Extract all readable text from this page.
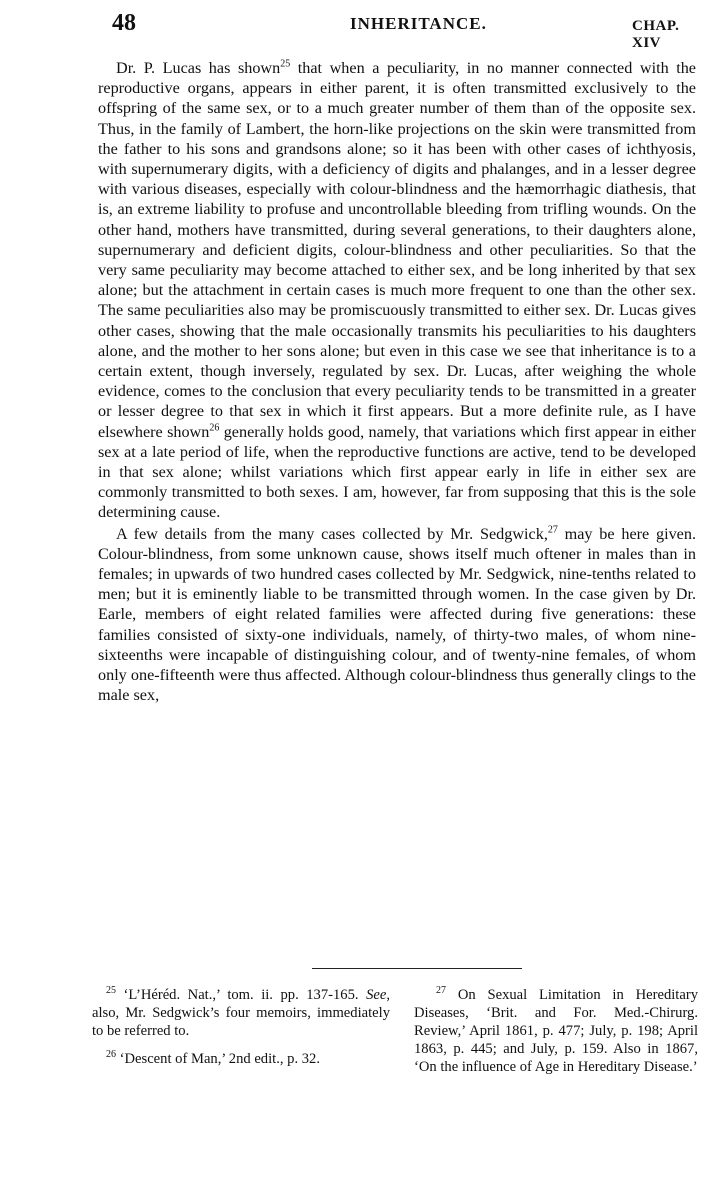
48	INHERITANCE.	CHAP. XIV

Dr. P. Lucas has shown$^{25}$ that when a peculiarity, in no manner connected with the reproductive organs, appears in either parent, it is often transmitted exclusively to the offspring of the same sex, or to a much greater number of them than of the opposite sex. Thus, in the family of Lambert, the horn-like projections on the skin were transmitted from the father to his sons and grandsons alone; so it has been with other cases of ichthyosis, with supernumerary digits, with a deficiency of digits and phalanges, and in a lesser degree with various diseases, especially with colour-blindness and the hæmorrhagic diathesis, that is, an extreme liability to profuse and uncontrollable bleeding from trifling wounds. On the other hand, mothers have transmitted, during several generations, to their daughters alone, supernumerary and deficient digits, colour-blindness and other peculiarities. So that the very same peculiarity may become attached to either sex, and be long inherited by that sex alone; but the attachment in certain cases is much more frequent to one than the other sex. The same peculiarities also may be promiscuously transmitted to either sex. Dr. Lucas gives other cases, showing that the male occasionally transmits his peculiarities to his daughters alone, and the mother to her sons alone; but even in this case we see that inheritance is to a certain extent, though inversely, regulated by sex. Dr. Lucas, after weighing the whole evidence, comes to the conclusion that every peculiarity tends to be transmitted in a greater or lesser degree to that sex in which it first appears. But a more definite rule, as I have elsewhere shown$^{26}$ generally holds good, namely, that variations which first appear in either sex at a late period of life, when the reproductive functions are active, tend to be developed in that sex alone; whilst variations which first appear early in life in either sex are commonly transmitted to both sexes. I am, however, far from supposing that this is the sole determining cause.

A few details from the many cases collected by Mr. Sedgwick,$^{27}$ may be here given. Colour-blindness, from some unknown cause, shows itself much oftener in males than in females; in upwards of two hundred cases collected by Mr. Sedgwick, nine-tenths related to men; but it is eminently liable to be transmitted through women. In the case given by Dr. Earle, members of eight related families were affected during five generations: these families consisted of sixty-one individuals, namely, of thirty-two males, of whom nine-sixteenths were incapable of distinguishing colour, and of twenty-nine females, of whom only one-fifteenth were thus affected. Although colour-blindness thus generally clings to the male sex,

$^{25}$ ‘L’Héréd. Nat.,’ tom. ii. pp. 137-165. See, also, Mr. Sedgwick’s four memoirs, immediately to be referred to.

$^{26}$ ‘Descent of Man,’ 2nd edit., p. 32.

$^{27}$ On Sexual Limitation in Hereditary Diseases, ‘Brit. and For. Med.-Chirurg. Review,’ April 1861, p. 477; July, p. 198; April 1863, p. 445; and July, p. 159. Also in 1867, ‘On the influence of Age in Hereditary Disease.’
